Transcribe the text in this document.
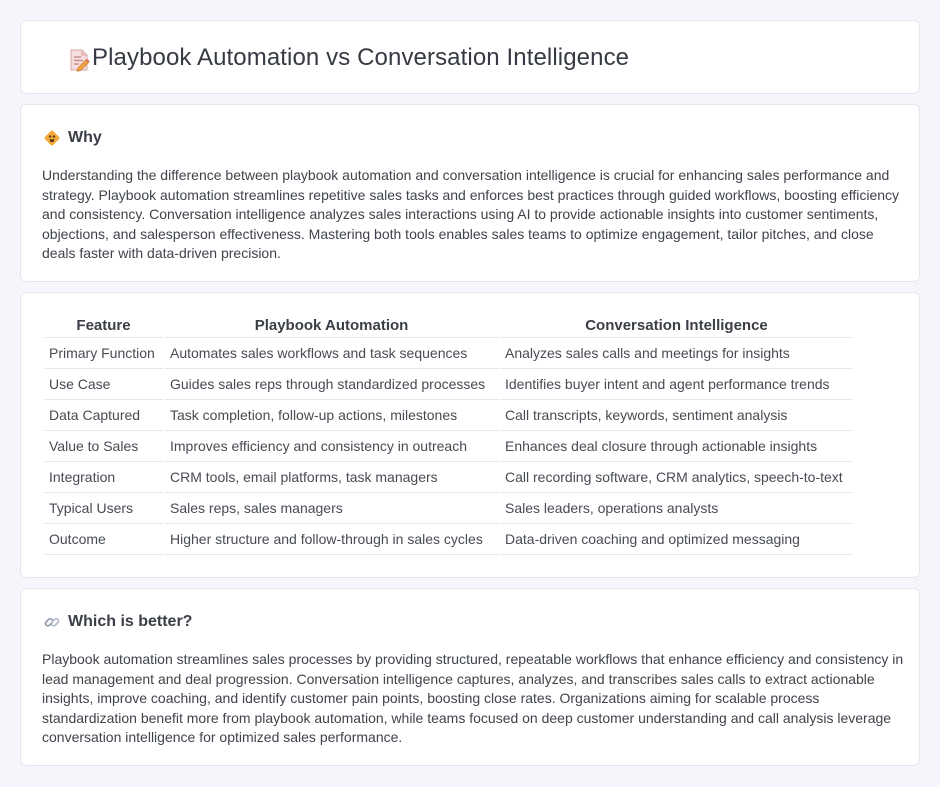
Playbook Automation vs Conversation Intelligence
Why

Understanding the difference between playbook automation and conversation intelligence is crucial for enhancing sales performance and strategy. Playbook automation streamlines repetitive sales tasks and enforces best practices through guided workflows, boosting efficiency and consistency. Conversation intelligence analyzes sales interactions using AI to provide actionable insights into customer sentiments, objections, and salesperson effectiveness. Mastering both tools enables sales teams to optimize engagement, tailor pitches, and close deals faster with data-driven precision.

Feature	Playbook Automation	Conversation Intelligence
Primary Function	Automates sales workflows and task sequences	Analyzes sales calls and meetings for insights
Use Case	Guides sales reps through standardized processes	Identifies buyer intent and agent performance trends
Data Captured	Task completion, follow-up actions, milestones	Call transcripts, keywords, sentiment analysis
Value to Sales	Improves efficiency and consistency in outreach	Enhances deal closure through actionable insights
Integration	CRM tools, email platforms, task managers	Call recording software, CRM analytics, speech-to-text
Typical Users	Sales reps, sales managers	Sales leaders, operations analysts
Outcome	Higher structure and follow-through in sales cycles	Data-driven coaching and optimized messaging
Which is better?

Playbook automation streamlines sales processes by providing structured, repeatable workflows that enhance efficiency and consistency in lead management and deal progression. Conversation intelligence captures, analyzes, and transcribes sales calls to extract actionable insights, improve coaching, and identify customer pain points, boosting close rates. Organizations aiming for scalable process standardization benefit more from playbook automation, while teams focused on deep customer understanding and call analysis leverage conversation intelligence for optimized sales performance.
